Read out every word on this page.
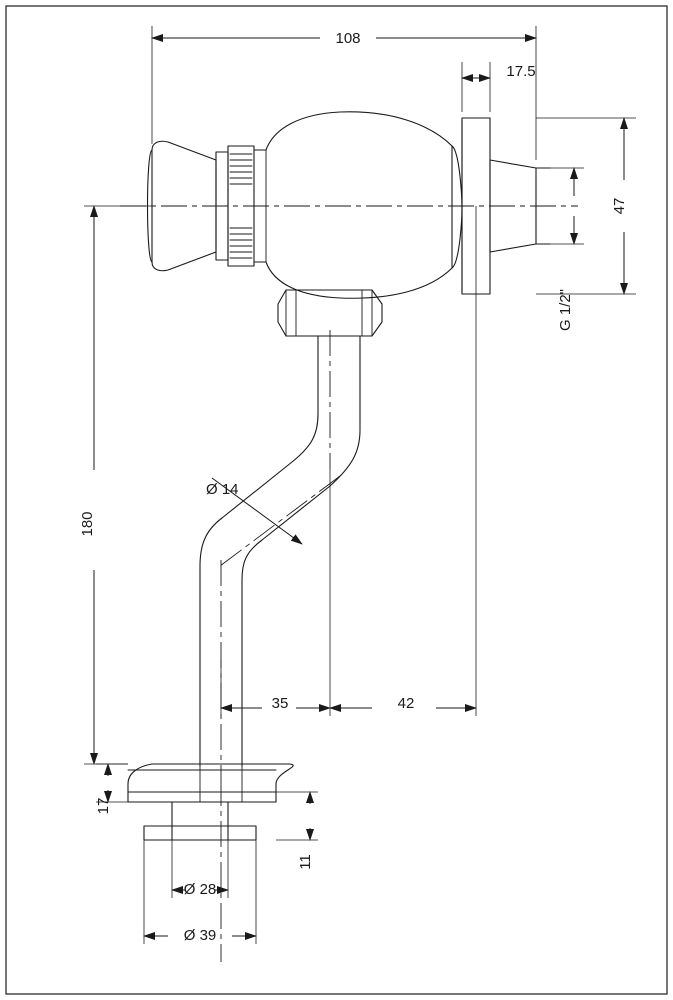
108
17.5
47
G 1/2"
180
Ø 14
35	42
17
11
Ø 28
Ø 39
